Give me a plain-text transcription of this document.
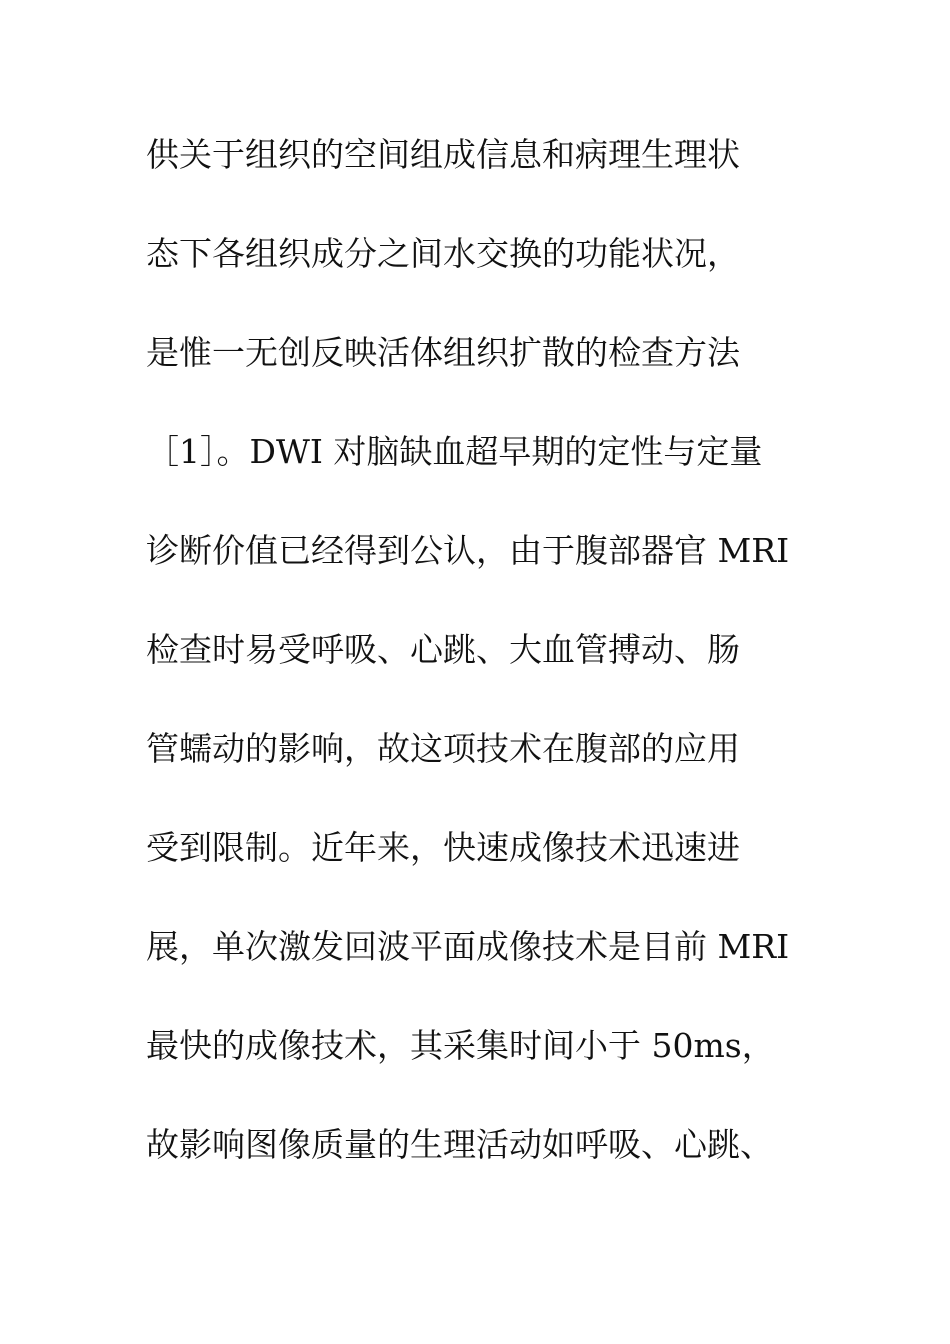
供关于组织的空间组成信息和病理生理状
态下各组织成分之间水交换的功能状况，
是惟一无创反映活体组织扩散的检查方法
［1］。DWI 对脑缺血超早期的定性与定量
诊断价值已经得到公认，由于腹部器官 MRI
检查时易受呼吸、心跳、大血管搏动、肠
管蠕动的影响，故这项技术在腹部的应用
受到限制。近年来，快速成像技术迅速进
展，单次激发回波平面成像技术是目前 MRI
最快的成像技术，其采集时间小于 50ms，
故影响图像质量的生理活动如呼吸、心跳、
